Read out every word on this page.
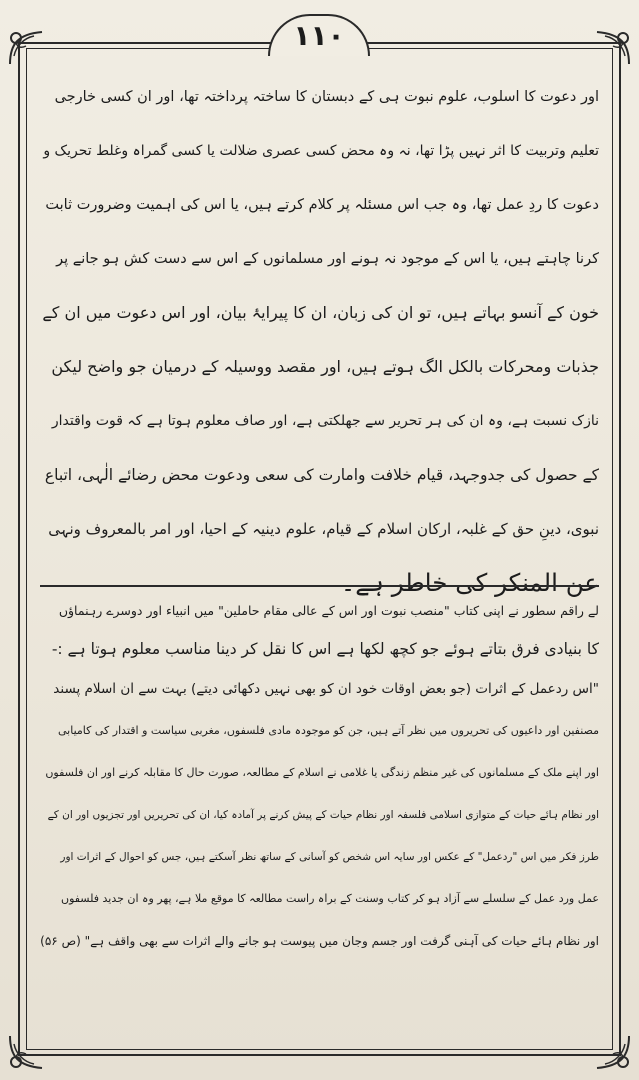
۱۱۰
اور دعوت کا اسلوب، علوم نبوت ہی کے دبستان کا ساختہ پرداختہ تھا، اور ان کسی خارجی
تعلیم وتربیت کا اثر نہیں پڑا تھا، نہ وہ محض کسی عصری ضلالت یا کسی گمراہ وغلط تحریک و
دعوت کا ردِ عمل تھا، وہ جب اس مسئلہ پر کلام کرتے ہیں، یا اس کی اہمیت وضرورت ثابت
کرنا چاہتے ہیں، یا اس کے موجود نہ ہونے اور مسلمانوں کے اس سے دست کش ہو جانے پر
خون کے آنسو بہاتے ہیں، تو ان کی زبان، ان کا پیرایۂ بیان، اور اس دعوت میں ان کے
جذبات ومحرکات بالکل الگ ہوتے ہیں، اور مقصد ووسیلہ کے درمیان جو واضح لیکن
نازک نسبت ہے، وہ ان کی ہر تحریر سے جھلکتی ہے، اور صاف معلوم ہوتا ہے کہ قوت واقتدار
کے حصول کی جدوجہد، قیام خلافت وامارت کی سعی ودعوت محض رضائے الٰہی، اتباع
نبوی، دینِ حق کے غلبہ، ارکان اسلام کے قیام، علوم دینیہ کے احیا، اور امر بالمعروف ونہی
عن المنکر کی خاطر ہے۔
لے راقم سطور نے اپنی کتاب "منصب نبوت اور اس کے عالی مقام حاملین" میں انبیاء اور دوسرے رہنماؤں
کا بنیادی فرق بتاتے ہوئے جو کچھ لکھا ہے اس کا نقل کر دینا مناسب معلوم ہوتا ہے :-
"اس ردعمل کے اثرات (جو بعض اوقات خود ان کو بھی نہیں دکھائی دیتے) بہت سے ان اسلام پسند
مصنفین اور داعیوں کی تحریروں میں نظر آتے ہیں، جن کو موجودہ مادی فلسفوں، مغربی سیاست و اقتدار کی کامیابی
اور اپنے ملک کے مسلمانوں کی غیر منظم زندگی یا غلامی نے اسلام کے مطالعہ، صورت حال کا مقابلہ کرنے اور ان فلسفوں
اور نظام ہائے حیات کے متوازی اسلامی فلسفہ اور نظام حیات کے پیش کرنے پر آمادہ کیا، ان کی تحریریں اور تجزیوں اور ان کے
طرز فکر میں اس "ردعمل" کے عکس اور سایہ اس شخص کو آسانی کے ساتھ نظر آسکتے ہیں، جس کو احوال کے اثرات اور
عمل ورد عمل کے سلسلے سے آزاد ہو کر کتاب وسنت کے براہ راست مطالعہ کا موقع ملا ہے، پھر وہ ان جدید فلسفوں
اور نظام ہائے حیات کی آہنی گرفت اور جسم وجان میں پیوست ہو جانے والے اثرات سے بھی واقف ہے" (ص ۵۶)
